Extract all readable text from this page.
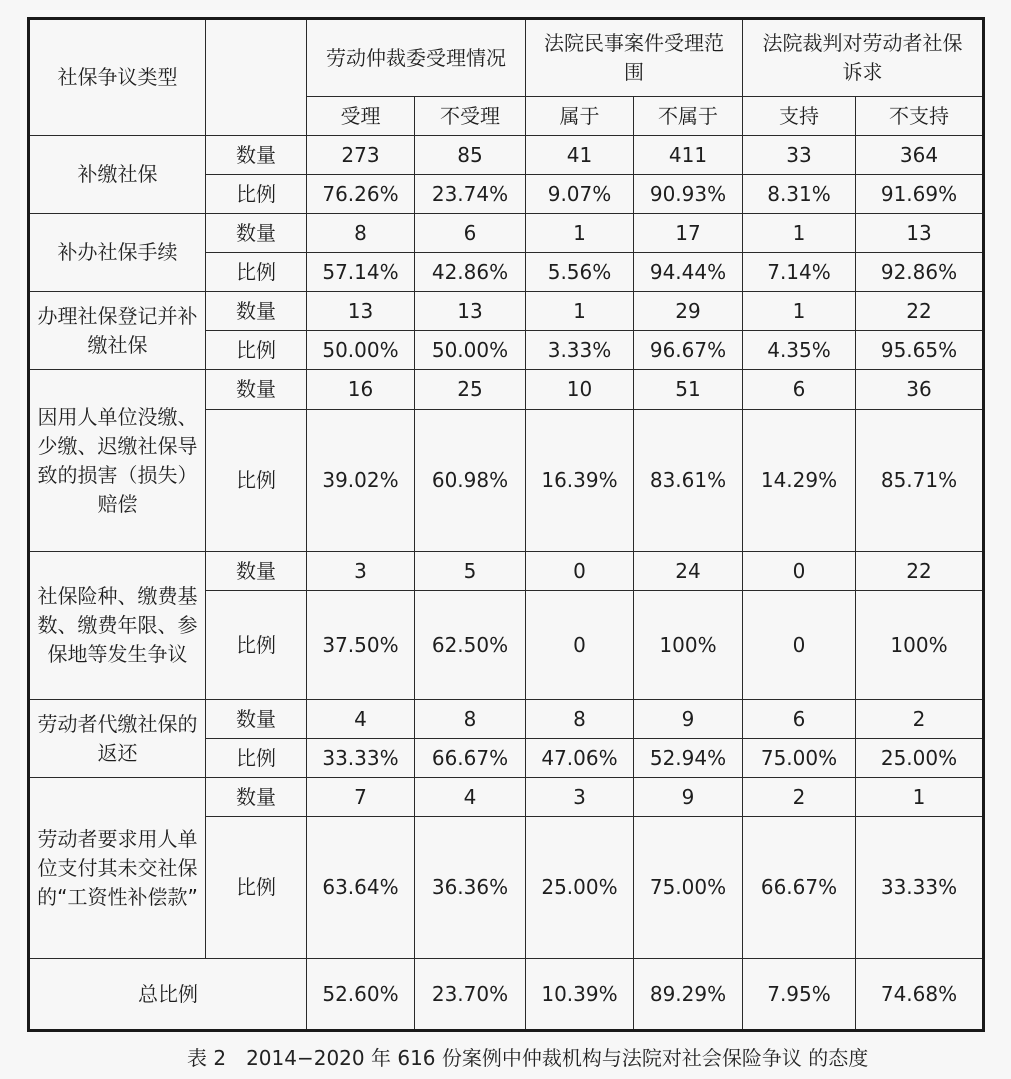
社保争议类型		劳动仲裁委受理情况		法院民事案件受理范围		法院裁判对劳动者社保诉求	
		受理	不受理	属于	不属于	支持	不支持
补缴社保	数量	273	85	41	411	33	364
	比例	76.26%	23.74%	9.07%	90.93%	8.31%	91.69%
补办社保手续	数量	8	6	1	17	1	13
	比例	57.14%	42.86%	5.56%	94.44%	7.14%	92.86%
办理社保登记并补缴社保	数量	13	13	1	29	1	22
	比例	50.00%	50.00%	3.33%	96.67%	4.35%	95.65%
因用人单位没缴、少缴、迟缴社保导致的损害（损失）赔偿	数量	16	25	10	51	6	36
	比例	39.02%	60.98%	16.39%	83.61%	14.29%	85.71%
社保险种、缴费基数、缴费年限、参保地等发生争议	数量	3	5	0	24	0	22
	比例	37.50%	62.50%	0	100%	0	100%
劳动者代缴社保的返还	数量	4	8	8	9	6	2
	比例	33.33%	66.67%	47.06%	52.94%	75.00%	25.00%
劳动者要求用人单位支付其未交社保的“工资性补偿款”	数量	7	4	3	9	2	1
	比例	63.64%	36.36%	25.00%	75.00%	66.67%	33.33%
总比例		52.60%	23.70%	10.39%	89.29%	7.95%	74.68%
表 2　2014−2020 年 616 份案例中仲裁机构与法院对社会保险争议 的态度
